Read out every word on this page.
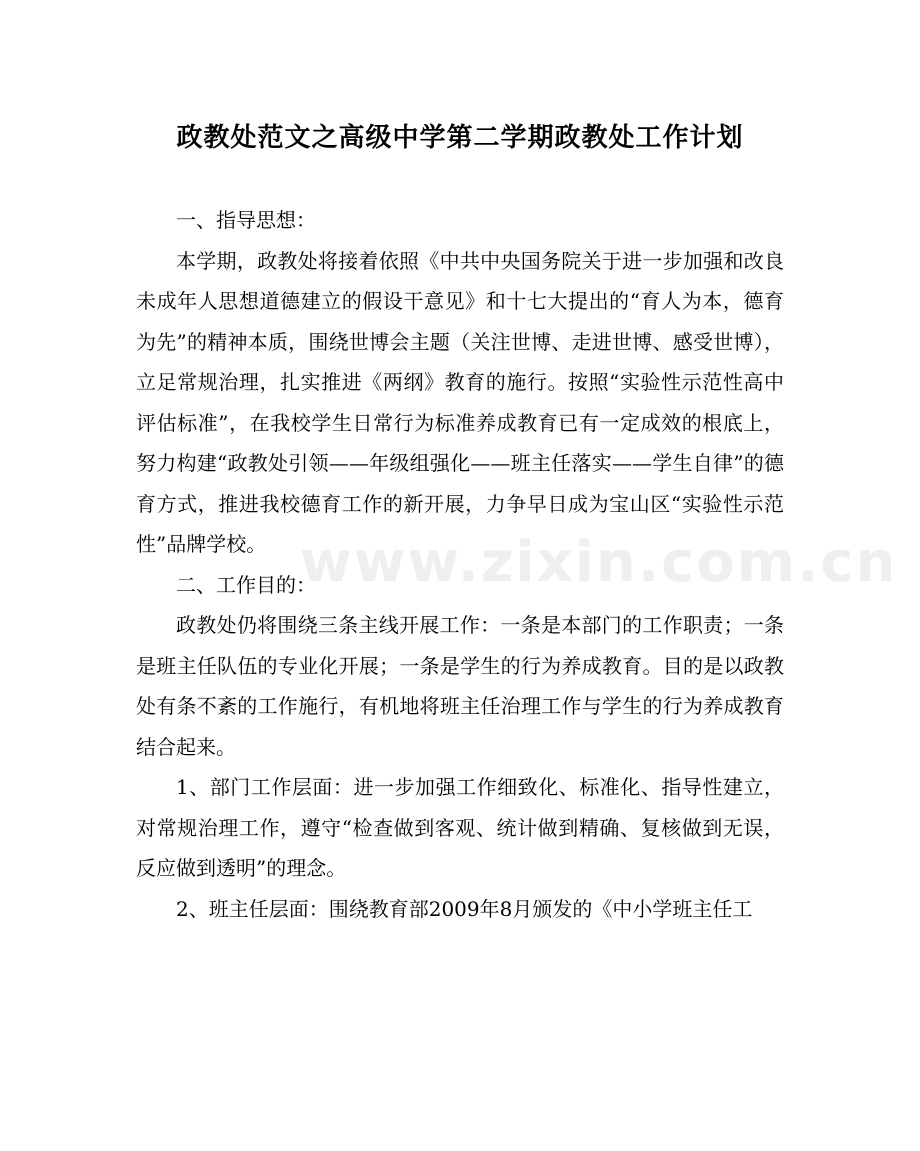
政教处范文之高级中学第二学期政教处工作计划

一、指导思想：

本学期，政教处将接着依照《中共中央国务院关于进一步加强和改良未成年人思想道德建立的假设干意见》和十七大提出的“育人为本，德育为先”的精神本质，围绕世博会主题（关注世博、走进世博、感受世博），立足常规治理，扎实推进《两纲》教育的施行。按照“实验性示范性高中评估标准”，在我校学生日常行为标准养成教育已有一定成效的根底上，努力构建“政教处引领——年级组强化——班主任落实——学生自律”的德育方式，推进我校德育工作的新开展，力争早日成为宝山区“实验性示范性”品牌学校。

二、工作目的：

政教处仍将围绕三条主线开展工作：一条是本部门的工作职责；一条是班主任队伍的专业化开展；一条是学生的行为养成教育。目的是以政教处有条不紊的工作施行，有机地将班主任治理工作与学生的行为养成教育结合起来。

1、部门工作层面：进一步加强工作细致化、标准化、指导性建立，对常规治理工作，遵守“检查做到客观、统计做到精确、复核做到无误，反应做到透明”的理念。

2、班主任层面：围绕教育部2009年8月颁发的《中小学班主任工

www.zixin.com.cn
